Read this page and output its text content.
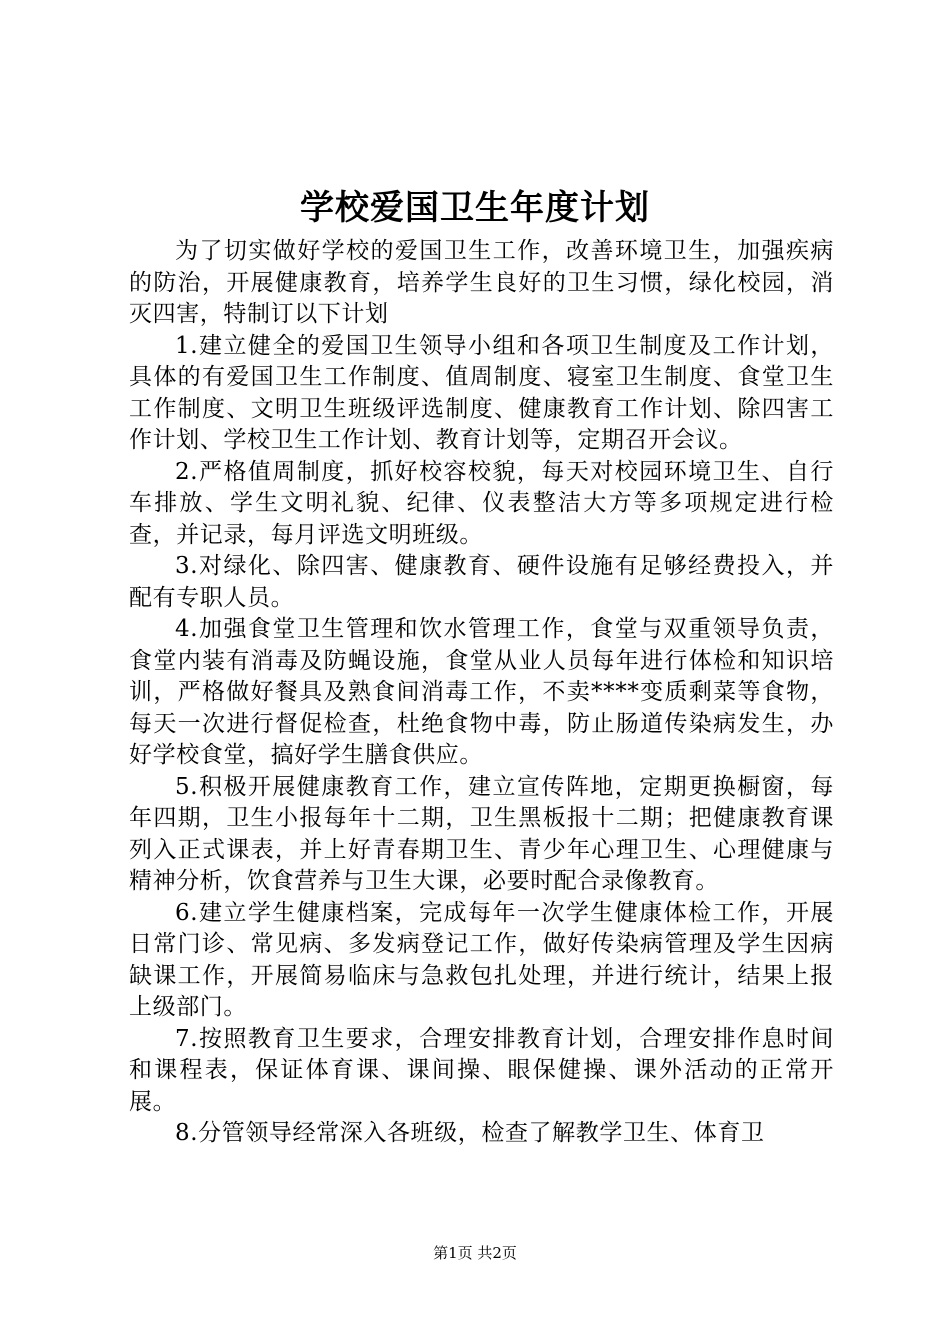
学校爱国卫生年度计划

为了切实做好学校的爱国卫生工作，改善环境卫生，加强疾病的防治，开展健康教育，培养学生良好的卫生习惯，绿化校园，消灭四害，特制订以下计划

1.建立健全的爱国卫生领导小组和各项卫生制度及工作计划，具体的有爱国卫生工作制度、值周制度、寝室卫生制度、食堂卫生工作制度、文明卫生班级评选制度、健康教育工作计划、除四害工作计划、学校卫生工作计划、教育计划等，定期召开会议。

2.严格值周制度，抓好校容校貌，每天对校园环境卫生、自行车排放、学生文明礼貌、纪律、仪表整洁大方等多项规定进行检查，并记录，每月评选文明班级。

3.对绿化、除四害、健康教育、硬件设施有足够经费投入，并配有专职人员。

4.加强食堂卫生管理和饮水管理工作，食堂与双重领导负责，食堂内装有消毒及防蝇设施，食堂从业人员每年进行体检和知识培训，严格做好餐具及熟食间消毒工作，不卖****变质剩菜等食物，每天一次进行督促检查，杜绝食物中毒，防止肠道传染病发生，办好学校食堂，搞好学生膳食供应。

5.积极开展健康教育工作，建立宣传阵地，定期更换橱窗，每年四期，卫生小报每年十二期，卫生黑板报十二期；把健康教育课列入正式课表，并上好青春期卫生、青少年心理卫生、心理健康与精神分析，饮食营养与卫生大课，必要时配合录像教育。

6.建立学生健康档案，完成每年一次学生健康体检工作，开展日常门诊、常见病、多发病登记工作，做好传染病管理及学生因病缺课工作，开展简易临床与急救包扎处理，并进行统计，结果上报上级部门。

7.按照教育卫生要求，合理安排教育计划，合理安排作息时间和课程表，保证体育课、课间操、眼保健操、课外活动的正常开展。

8.分管领导经常深入各班级，检查了解教学卫生、体育卫

第1页 共2页
